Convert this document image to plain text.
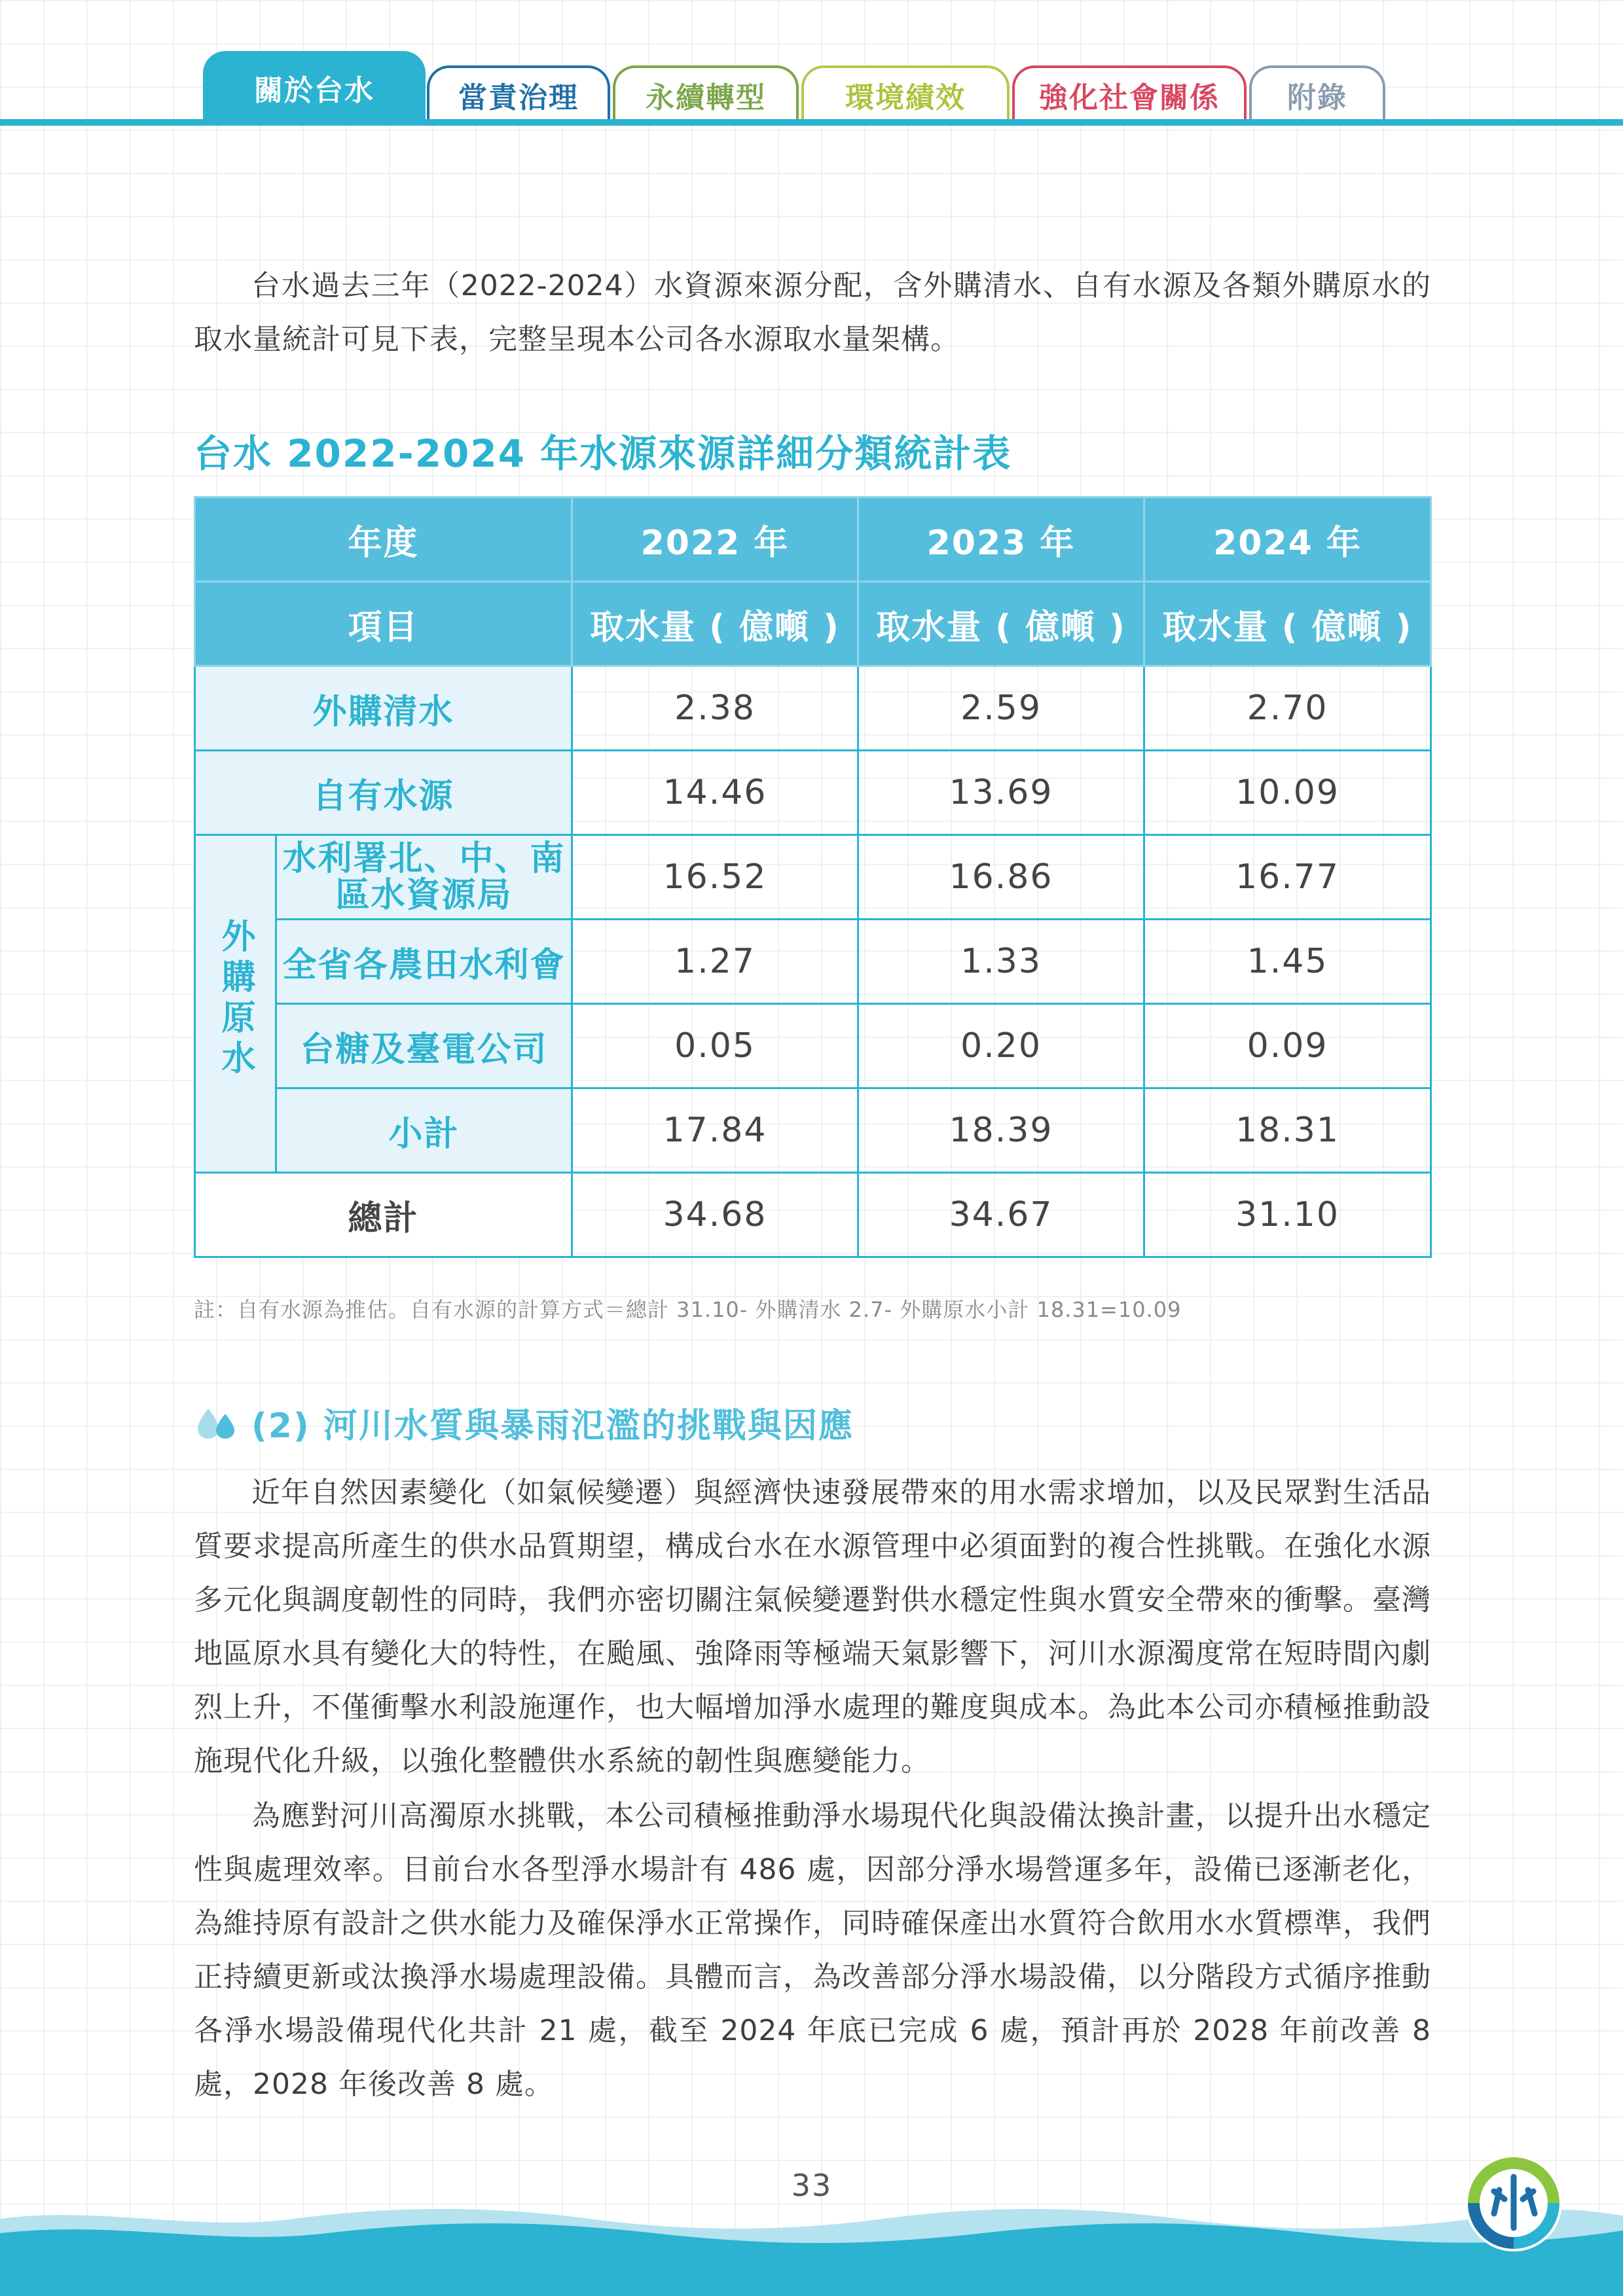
關於台水	當責治理	永續轉型	環境績效	強化社會關係	附錄

台水過去三年（2022-2024）水資源來源分配，含外購清水、自有水源及各類外購原水的取水量統計可見下表，完整呈現本公司各水源取水量架構。

台水 2022-2024 年水源來源詳細分類統計表
年度		2022 年	2023 年	2024 年
項目		取水量 ( 億噸 )	取水量 ( 億噸 )	取水量 ( 億噸 )
外購清水		2.38	2.59	2.70
自有水源		14.46	13.69	10.09
外購原水	水利署北、中、南區水資源局	16.52	16.86	16.77
	全省各農田水利會	1.27	1.33	1.45
	台糖及臺電公司	0.05	0.20	0.09
	小計	17.84	18.39	18.31
總計		34.68	34.67	31.10

註：自有水源為推估。自有水源的計算方式＝總計 31.10- 外購清水 2.7- 外購原水小計 18.31=10.09

(2) 河川水質與暴雨氾濫的挑戰與因應

近年自然因素變化（如氣候變遷）與經濟快速發展帶來的用水需求增加，以及民眾對生活品質要求提高所產生的供水品質期望，構成台水在水源管理中必須面對的複合性挑戰。在強化水源多元化與調度韌性的同時，我們亦密切關注氣候變遷對供水穩定性與水質安全帶來的衝擊。臺灣地區原水具有變化大的特性，在颱風、強降雨等極端天氣影響下，河川水源濁度常在短時間內劇烈上升，不僅衝擊水利設施運作，也大幅增加淨水處理的難度與成本。為此本公司亦積極推動設施現代化升級，以強化整體供水系統的韌性與應變能力。

為應對河川高濁原水挑戰，本公司積極推動淨水場現代化與設備汰換計畫，以提升出水穩定性與處理效率。目前台水各型淨水場計有 486 處，因部分淨水場營運多年，設備已逐漸老化，為維持原有設計之供水能力及確保淨水正常操作，同時確保產出水質符合飲用水水質標準，我們正持續更新或汰換淨水場處理設備。具體而言，為改善部分淨水場設備，以分階段方式循序推動各淨水場設備現代化共計 21 處，截至 2024 年底已完成 6 處，預計再於 2028 年前改善 8 處，2028 年後改善 8 處。

33
